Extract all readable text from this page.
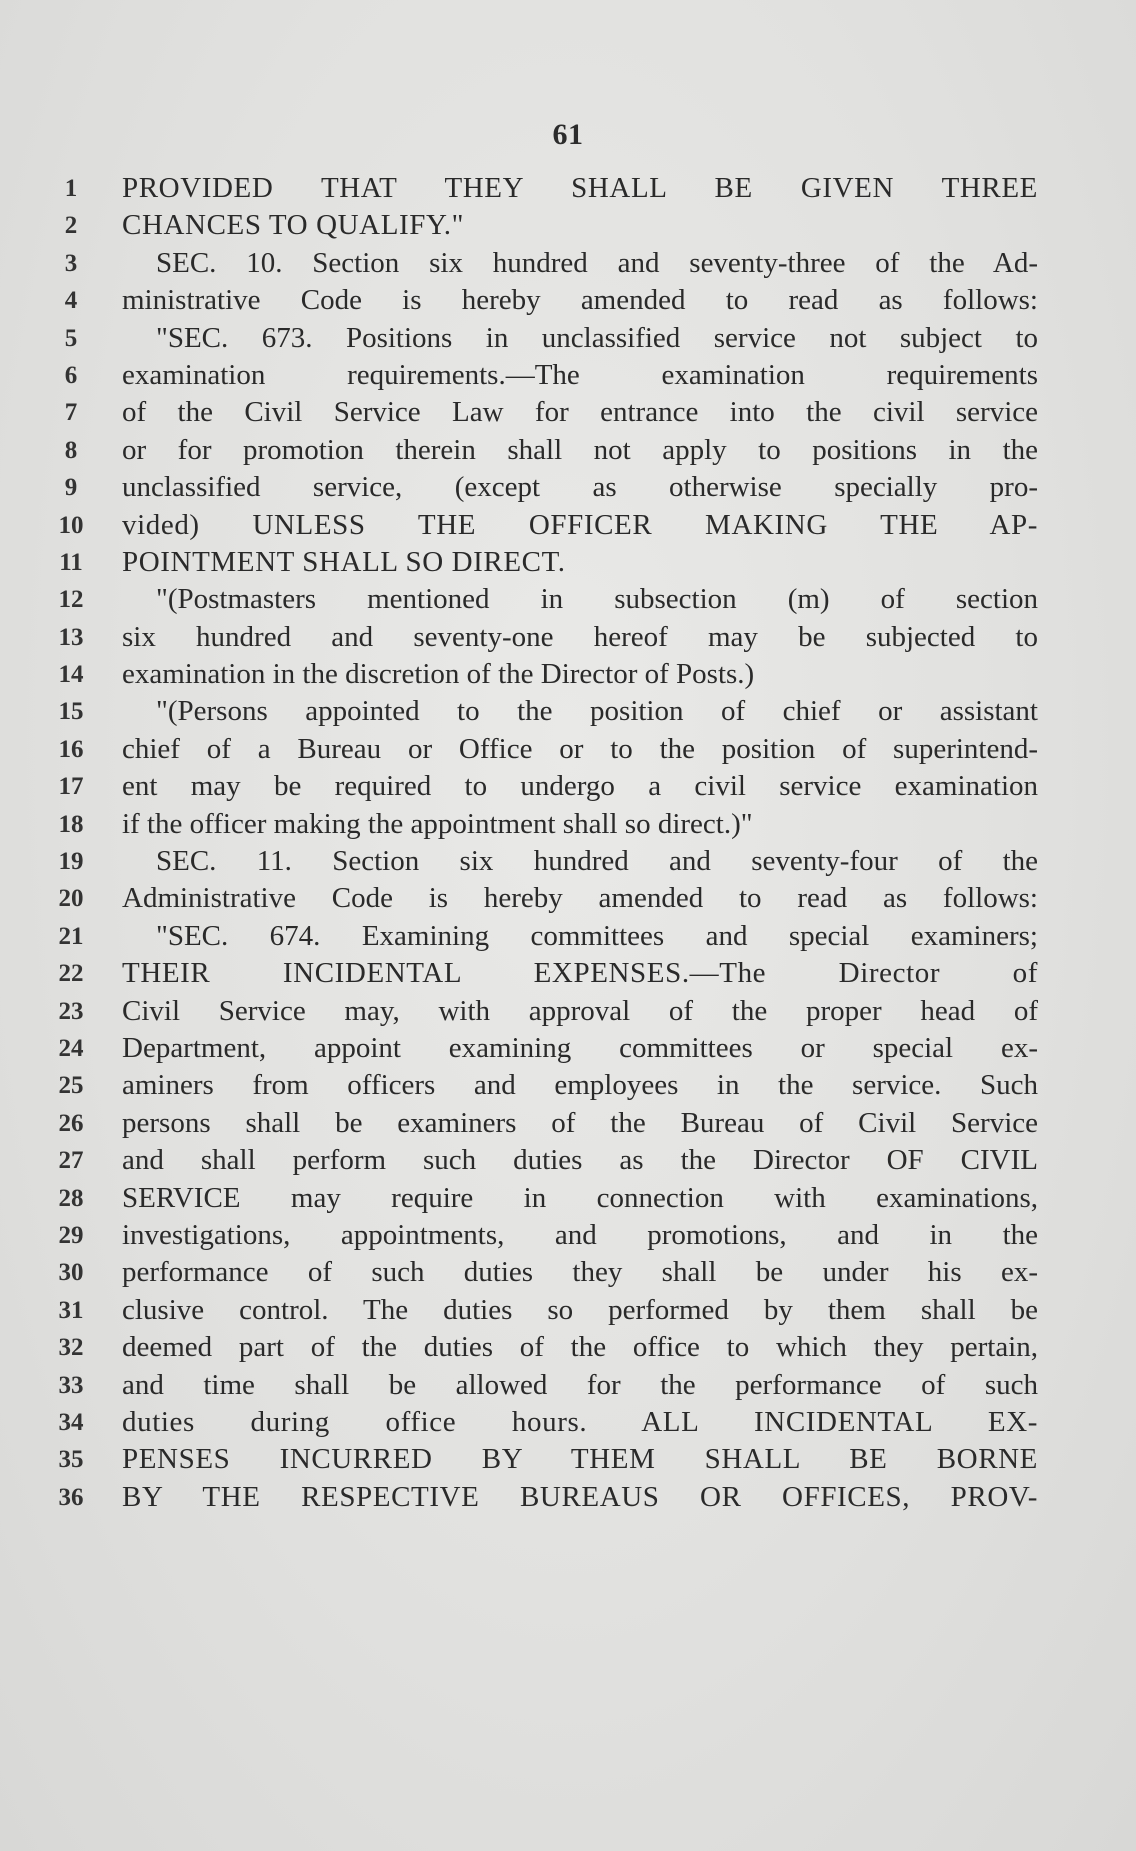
61
1	PROVIDED THAT THEY SHALL BE GIVEN THREE
2	CHANCES TO QUALIFY."
3	SEC. 10. Section six hundred and seventy-three of the Ad-
4	ministrative Code is hereby amended to read as follows:
5	"SEC. 673. Positions in unclassified service not subject to
6	examination requirements.—The examination requirements
7	of the Civil Service Law for entrance into the civil service
8	or for promotion therein shall not apply to positions in the
9	unclassified service, (except as otherwise specially pro-
10	vided) UNLESS THE OFFICER MAKING THE AP-
11	POINTMENT SHALL SO DIRECT.
12	"(Postmasters mentioned in subsection (m) of section
13	six hundred and seventy-one hereof may be subjected to
14	examination in the discretion of the Director of Posts.)
15	"(Persons appointed to the position of chief or assistant
16	chief of a Bureau or Office or to the position of superintend-
17	ent may be required to undergo a civil service examination
18	if the officer making the appointment shall so direct.)"
19	SEC. 11. Section six hundred and seventy-four of the
20	Administrative Code is hereby amended to read as follows:
21	"SEC. 674. Examining committees and special examiners;
22	THEIR INCIDENTAL EXPENSES.—The Director of
23	Civil Service may, with approval of the proper head of
24	Department, appoint examining committees or special ex-
25	aminers from officers and employees in the service. Such
26	persons shall be examiners of the Bureau of Civil Service
27	and shall perform such duties as the Director OF CIVIL
28	SERVICE may require in connection with examinations,
29	investigations, appointments, and promotions, and in the
30	performance of such duties they shall be under his ex-
31	clusive control. The duties so performed by them shall be
32	deemed part of the duties of the office to which they pertain,
33	and time shall be allowed for the performance of such
34	duties during office hours. ALL INCIDENTAL EX-
35	PENSES INCURRED BY THEM SHALL BE BORNE
36	BY THE RESPECTIVE BUREAUS OR OFFICES, PROV-
